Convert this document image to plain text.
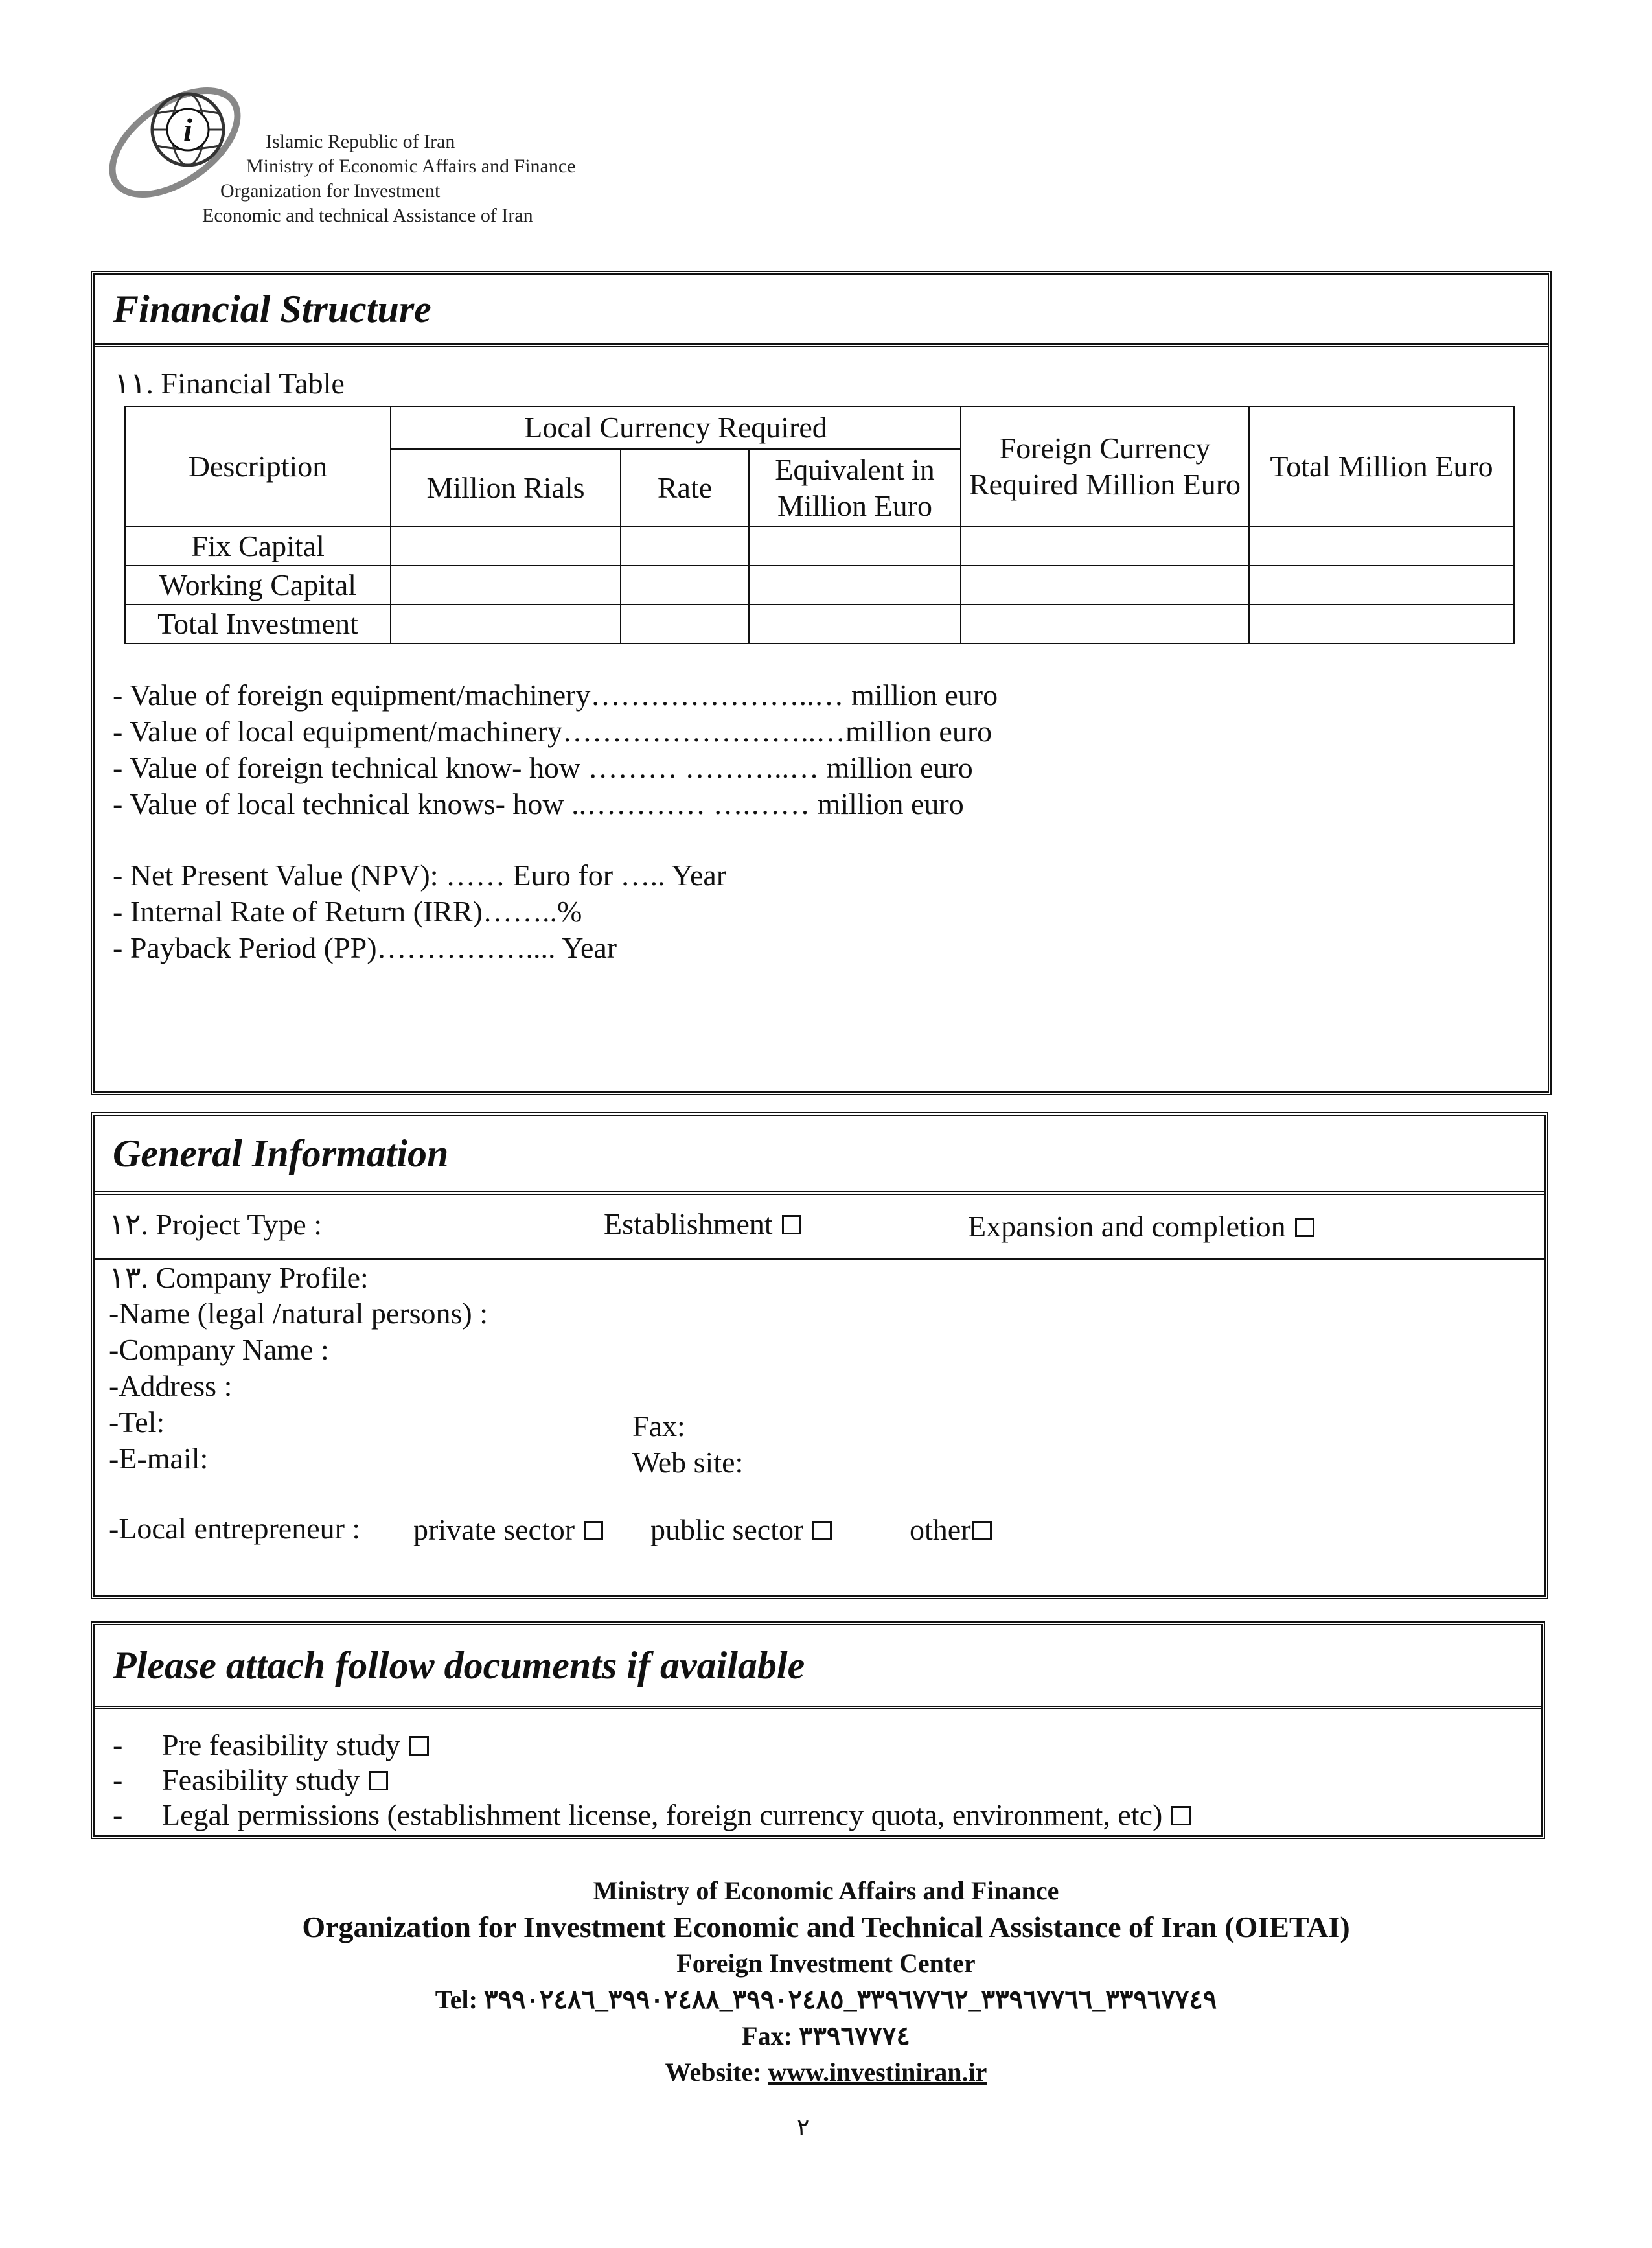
i	Islamic Republic of Iran
Ministry of Economic Affairs and Finance
Organization for Investment
Economic and technical Assistance of Iran
Financial Structure
١١. Financial Table
Description	Local Currency Required			Foreign Currency Required Million Euro	Total Million Euro
	Million Rials	Rate	Equivalent in Million Euro		
Fix Capital					
Working Capital					
Total Investment					
- Value of foreign equipment/machinery…………………..… million euro
- Value of local equipment/machinery……………………..…million euro
- Value of foreign technical know- how ……… ………..… million euro
- Value of local technical knows- how ..………… ….…… million euro
- Net Present Value (NPV): …… Euro for ….. Year
- Internal Rate of Return (IRR)……..%
- Payback Period (PP)…………….... Year
General Information
١٢. Project Type :	Establishment	Expansion and completion
١٣. Company Profile:
-Name (legal /natural persons) :
-Company Name :
-Address :
-Tel:	Fax:
-E-mail:	Web site:
-Local entrepreneur : private sector	public sector	other
Please attach follow documents if available
- Pre feasibility study
- Feasibility study
- Legal permissions (establishment license, foreign currency quota, environment, etc)
Ministry of Economic Affairs and Finance
Organization for Investment Economic and Technical Assistance of Iran (OIETAI)
Foreign Investment Center
Tel: ٣٣٩٦٧٧٤٩_٣٣٩٦٧٧٦٦_٣٣٩٦٧٧٦٢_٣٩٩٠٢٤٨٥_٣٩٩٠٢٤٨٨_٣٩٩٠٢٤٨٦
Fax: ٣٣٩٦٧٧٧٤
Website: www.investiniran.ir
٢
